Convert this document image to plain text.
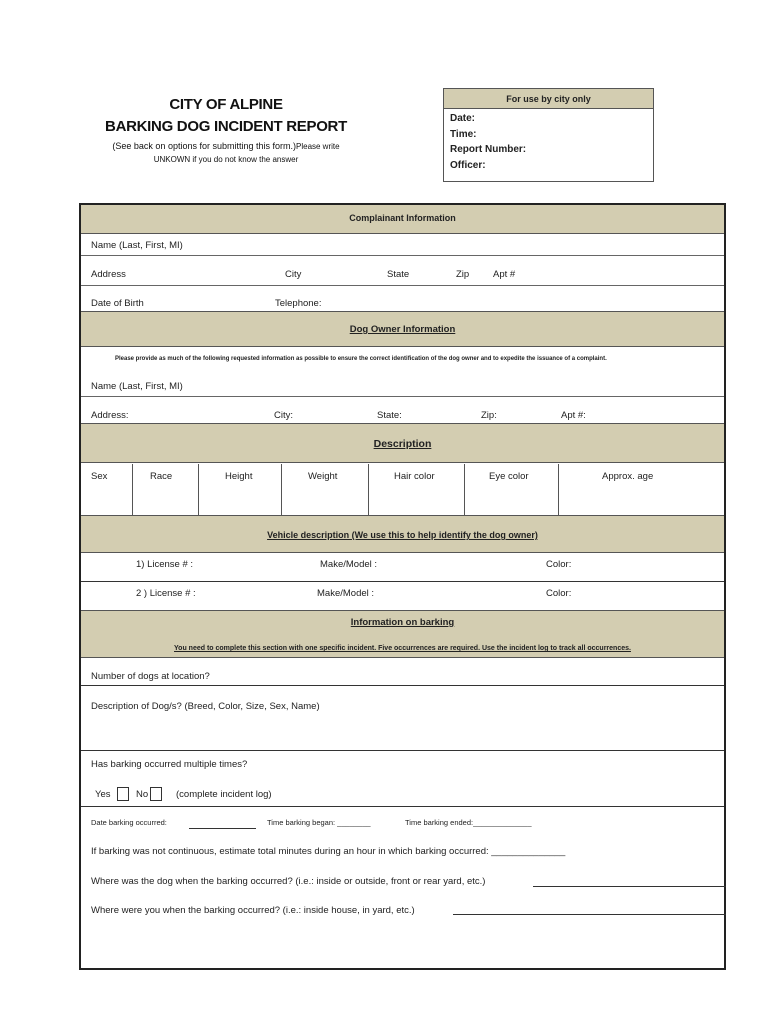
CITY OF ALPINE
BARKING DOG INCIDENT REPORT
(See back on options for submitting this form.)Please write
UNKOWN if you do not know the answer
For use by city only
Date:
Time:
Report Number:
Officer:
Complainant Information
Name (Last, First, MI)
Address	City	State	Zip	Apt #
Date of Birth	Telephone:
Dog Owner Information
Please provide as much of the following requested information as possible to ensure the correct identification of the dog owner and to expedite the issuance of a complaint.
Name (Last, First, MI)
Address:	City:	State:	Zip:	Apt #:
Description
Sex	Race	Height	Weight	Hair color	Eye color	Approx. age
Vehicle description (We use this to help identify the dog owner)
1) License # :	Make/Model :	Color:
2 ) License # :	Make/Model :	Color:
Information on barking
You need to complete this section with one specific incident. Five occurrences are required. Use the incident log to track all occurrences.
Number of dogs at location?
Description of Dog/s? (Breed, Color, Size, Sex, Name)
Has barking occurred multiple times?
Yes	No	(complete incident log)
Date barking occurred:	Time barking began: ________	Time barking ended:______________
If barking was not continuous, estimate total minutes during an hour in which barking occurred: ______________
Where was the dog when the barking occurred? (i.e.: inside or outside, front or rear yard, etc.)
Where were you when the barking occurred? (i.e.: inside house, in yard, etc.)
